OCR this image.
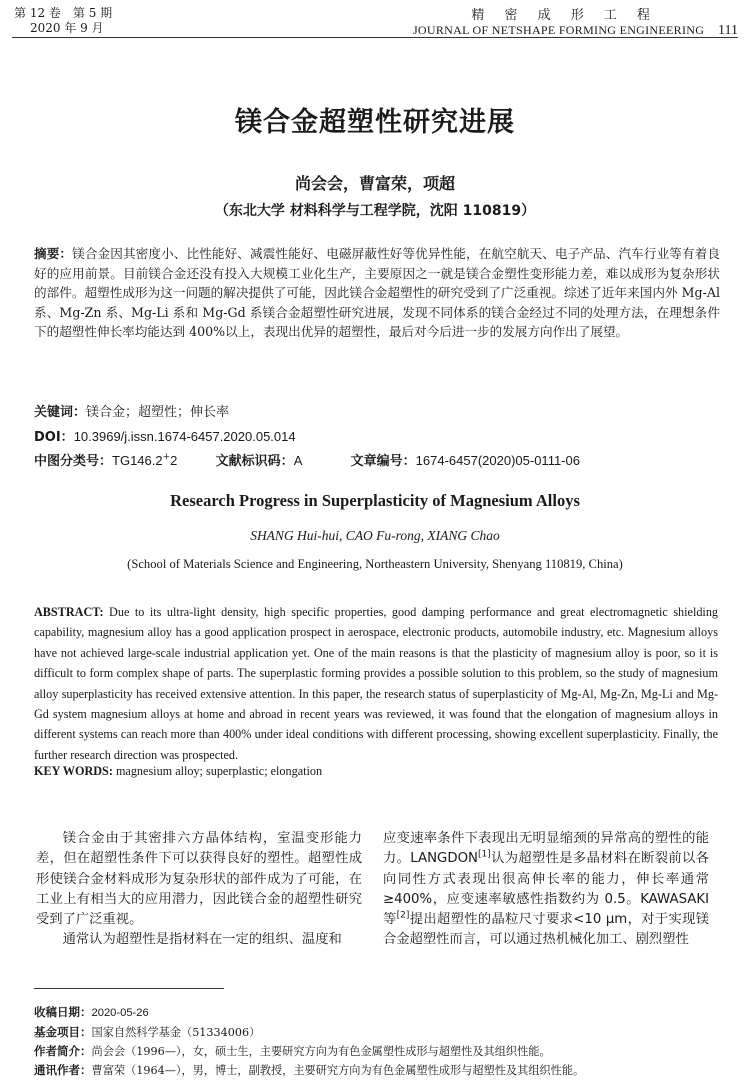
第 12 卷　第 5 期
2020 年 9 月
精 密 成 形 工 程
JOURNAL OF NETSHAPE FORMING ENGINEERING 111
镁合金超塑性研究进展
尚会会，曹富荣，项超
（东北大学 材料科学与工程学院，沈阳 110819）

摘要：镁合金因其密度小、比性能好、减震性能好、电磁屏蔽性好等优异性能，在航空航天、电子产品、汽车行业等有着良好的应用前景。目前镁合金还没有投入大规模工业化生产，主要原因之一就是镁合金塑性变形能力差，难以成形为复杂形状的部件。超塑性成形为这一问题的解决提供了可能，因此镁合金超塑性的研究受到了广泛重视。综述了近年来国内外 Mg-Al 系、Mg-Zn 系、Mg-Li 系和 Mg-Gd 系镁合金超塑性研究进展，发现不同体系的镁合金经过不同的处理方法，在理想条件下的超塑性伸长率均能达到 400%以上，表现出优异的超塑性，最后对今后进一步的发展方向作出了展望。

关键词：镁合金；超塑性；伸长率
DOI：10.3969/j.issn.1674-6457.2020.05.014
中图分类号：TG146.2+2	文献标识码：A	文章编号：1674-6457(2020)05-0111-06
Research Progress in Superplasticity of Magnesium Alloys
SHANG Hui-hui, CAO Fu-rong, XIANG Chao
(School of Materials Science and Engineering, Northeastern University, Shenyang 110819, China)

ABSTRACT: Due to its ultra-light density, high specific properties, good damping performance and great electromagnetic shielding capability, magnesium alloy has a good application prospect in aerospace, electronic products, automobile industry, etc. Magnesium alloys have not achieved large-scale industrial application yet. One of the main reasons is that the plasticity of magnesium alloy is poor, so it is difficult to form complex shape of parts. The superplastic forming provides a possible solution to this problem, so the study of magnesium alloy superplasticity has received extensive attention. In this paper, the research status of superplasticity of Mg-Al, Mg-Zn, Mg-Li and Mg-Gd system magnesium alloys at home and abroad in recent years was reviewed, it was found that the elongation of magnesium alloys in different systems can reach more than 400% under ideal conditions with different processing, showing excellent superplasticity. Finally, the further research direction was prospected.

KEY WORDS: magnesium alloy; superplastic; elongation

镁合金由于其密排六方晶体结构，室温变形能力差，但在超塑性条件下可以获得良好的塑性。超塑性成形使镁合金材料成形为复杂形状的部件成为了可能，在工业上有相当大的应用潜力，因此镁合金的超塑性研究受到了广泛重视。

通常认为超塑性是指材料在一定的组织、温度和

应变速率条件下表现出无明显缩颈的异常高的塑性的能力。LANGDON[1]认为超塑性是多晶材料在断裂前以各向同性方式表现出很高伸长率的能力，伸长率通常≥400%，应变速率敏感性指数约为 0.5。KAWASAKI 等[2]提出超塑性的晶粒尺寸要求<10 μm，对于实现镁合金超塑性而言，可以通过热机械化加工、剧烈塑性

收稿日期：2020-05-26
基金项目：国家自然科学基金（51334006）
作者简介：尚会会（1996—），女，硕士生，主要研究方向为有色金属塑性成形与超塑性及其组织性能。
通讯作者：曹富荣（1964—），男，博士，副教授，主要研究方向为有色金属塑性成形与超塑性及其组织性能。
